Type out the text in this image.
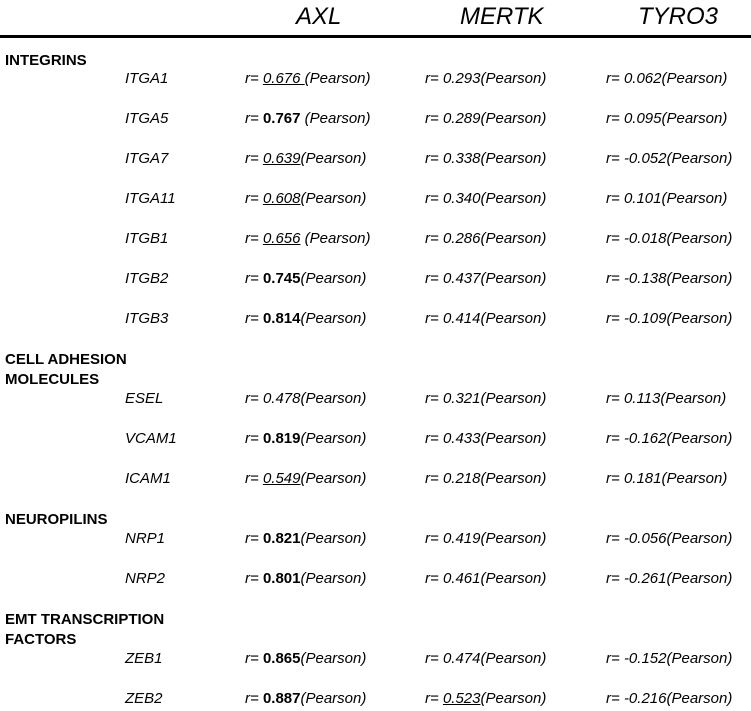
AXL	MERTK	TYRO3
INTEGRINS
ITGA1	r= 0.676 (Pearson)	r= 0.293(Pearson)	r= 0.062(Pearson)
ITGA5	r= 0.767 (Pearson)	r= 0.289(Pearson)	r= 0.095(Pearson)
ITGA7	r= 0.639(Pearson)	r= 0.338(Pearson)	r= -0.052(Pearson)
ITGA11	r= 0.608(Pearson)	r= 0.340(Pearson)	r= 0.101(Pearson)
ITGB1	r= 0.656 (Pearson)	r= 0.286(Pearson)	r= -0.018(Pearson)
ITGB2	r= 0.745(Pearson)	r= 0.437(Pearson)	r= -0.138(Pearson)
ITGB3	r= 0.814(Pearson)	r= 0.414(Pearson)	r= -0.109(Pearson)
CELL ADHESION
MOLECULES
ESEL	r= 0.478(Pearson)	r= 0.321(Pearson)	r= 0.113(Pearson)
VCAM1	r= 0.819(Pearson)	r= 0.433(Pearson)	r= -0.162(Pearson)
ICAM1	r= 0.549(Pearson)	r= 0.218(Pearson)	r= 0.181(Pearson)
NEUROPILINS
NRP1	r= 0.821(Pearson)	r= 0.419(Pearson)	r= -0.056(Pearson)
NRP2	r= 0.801(Pearson)	r= 0.461(Pearson)	r= -0.261(Pearson)
EMT TRANSCRIPTION
FACTORS
ZEB1	r= 0.865(Pearson)	r= 0.474(Pearson)	r= -0.152(Pearson)
ZEB2	r= 0.887(Pearson)	r= 0.523(Pearson)	r= -0.216(Pearson)
